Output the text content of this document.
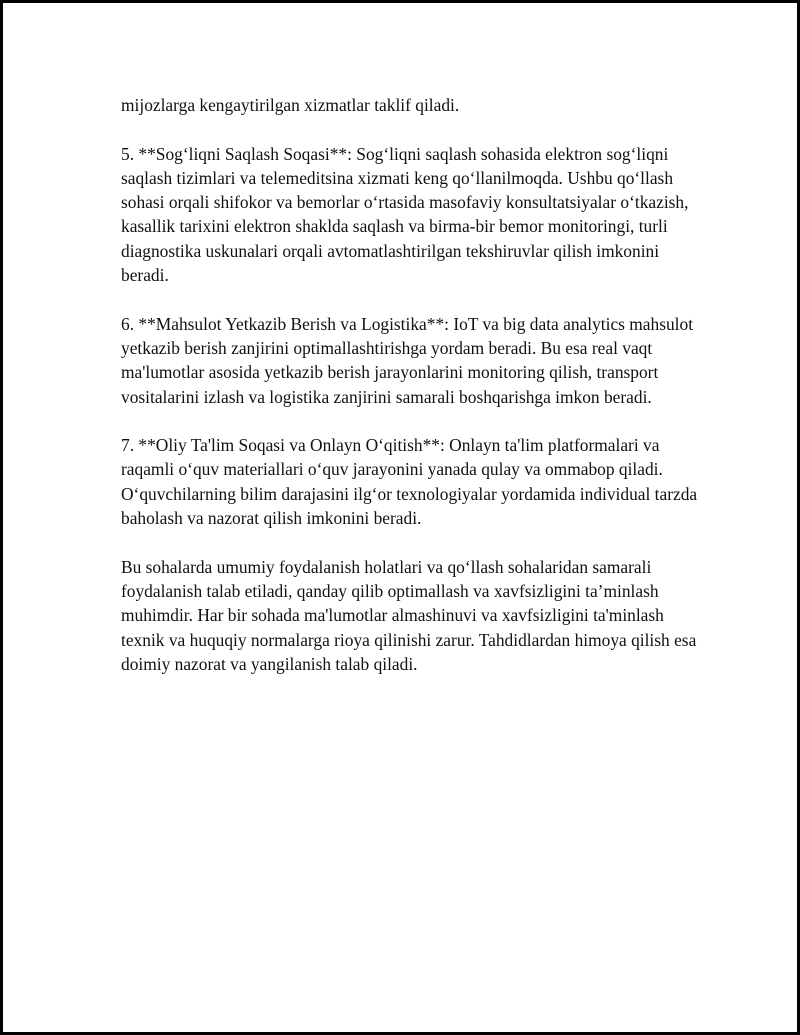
mijozlarga kengaytirilgan xizmatlar taklif qiladi.

5. **Sog‘liqni Saqlash Soqasi**: Sog‘liqni saqlash sohasida elektron sog‘liqni saqlash tizimlari va telemeditsina xizmati keng qo‘llanilmoqda. Ushbu qo‘llash sohasi orqali shifokor va bemorlar o‘rtasida masofaviy konsultatsiyalar o‘tkazish, kasallik tarixini elektron shaklda saqlash va birma-bir bemor monitoringi, turli diagnostika uskunalari orqali avtomatlashtirilgan tekshiruvlar qilish imkonini beradi.

6. **Mahsulot Yetkazib Berish va Logistika**: IoT va big data analytics mahsulot yetkazib berish zanjirini optimallashtirishga yordam beradi. Bu esa real vaqt ma'lumotlar asosida yetkazib berish jarayonlarini monitoring qilish, transport vositalarini izlash va logistika zanjirini samarali boshqarishga imkon beradi.

7. **Oliy Ta'lim Soqasi va Onlayn O‘qitish**: Onlayn ta'lim platformalari va raqamli o‘quv materiallari o‘quv jarayonini yanada qulay va ommabop qiladi. O‘quvchilarning bilim darajasini ilg‘or texnologiyalar yordamida individual tarzda baholash va nazorat qilish imkonini beradi.

Bu sohalarda umumiy foydalanish holatlari va qo‘llash sohalaridan samarali foydalanish talab etiladi, qanday qilib optimallash va xavfsizligini ta’minlash muhimdir. Har bir sohada ma'lumotlar almashinuvi va xavfsizligini ta'minlash texnik va huquqiy normalarga rioya qilinishi zarur. Tahdidlardan himoya qilish esa doimiy nazorat va yangilanish talab qiladi.
